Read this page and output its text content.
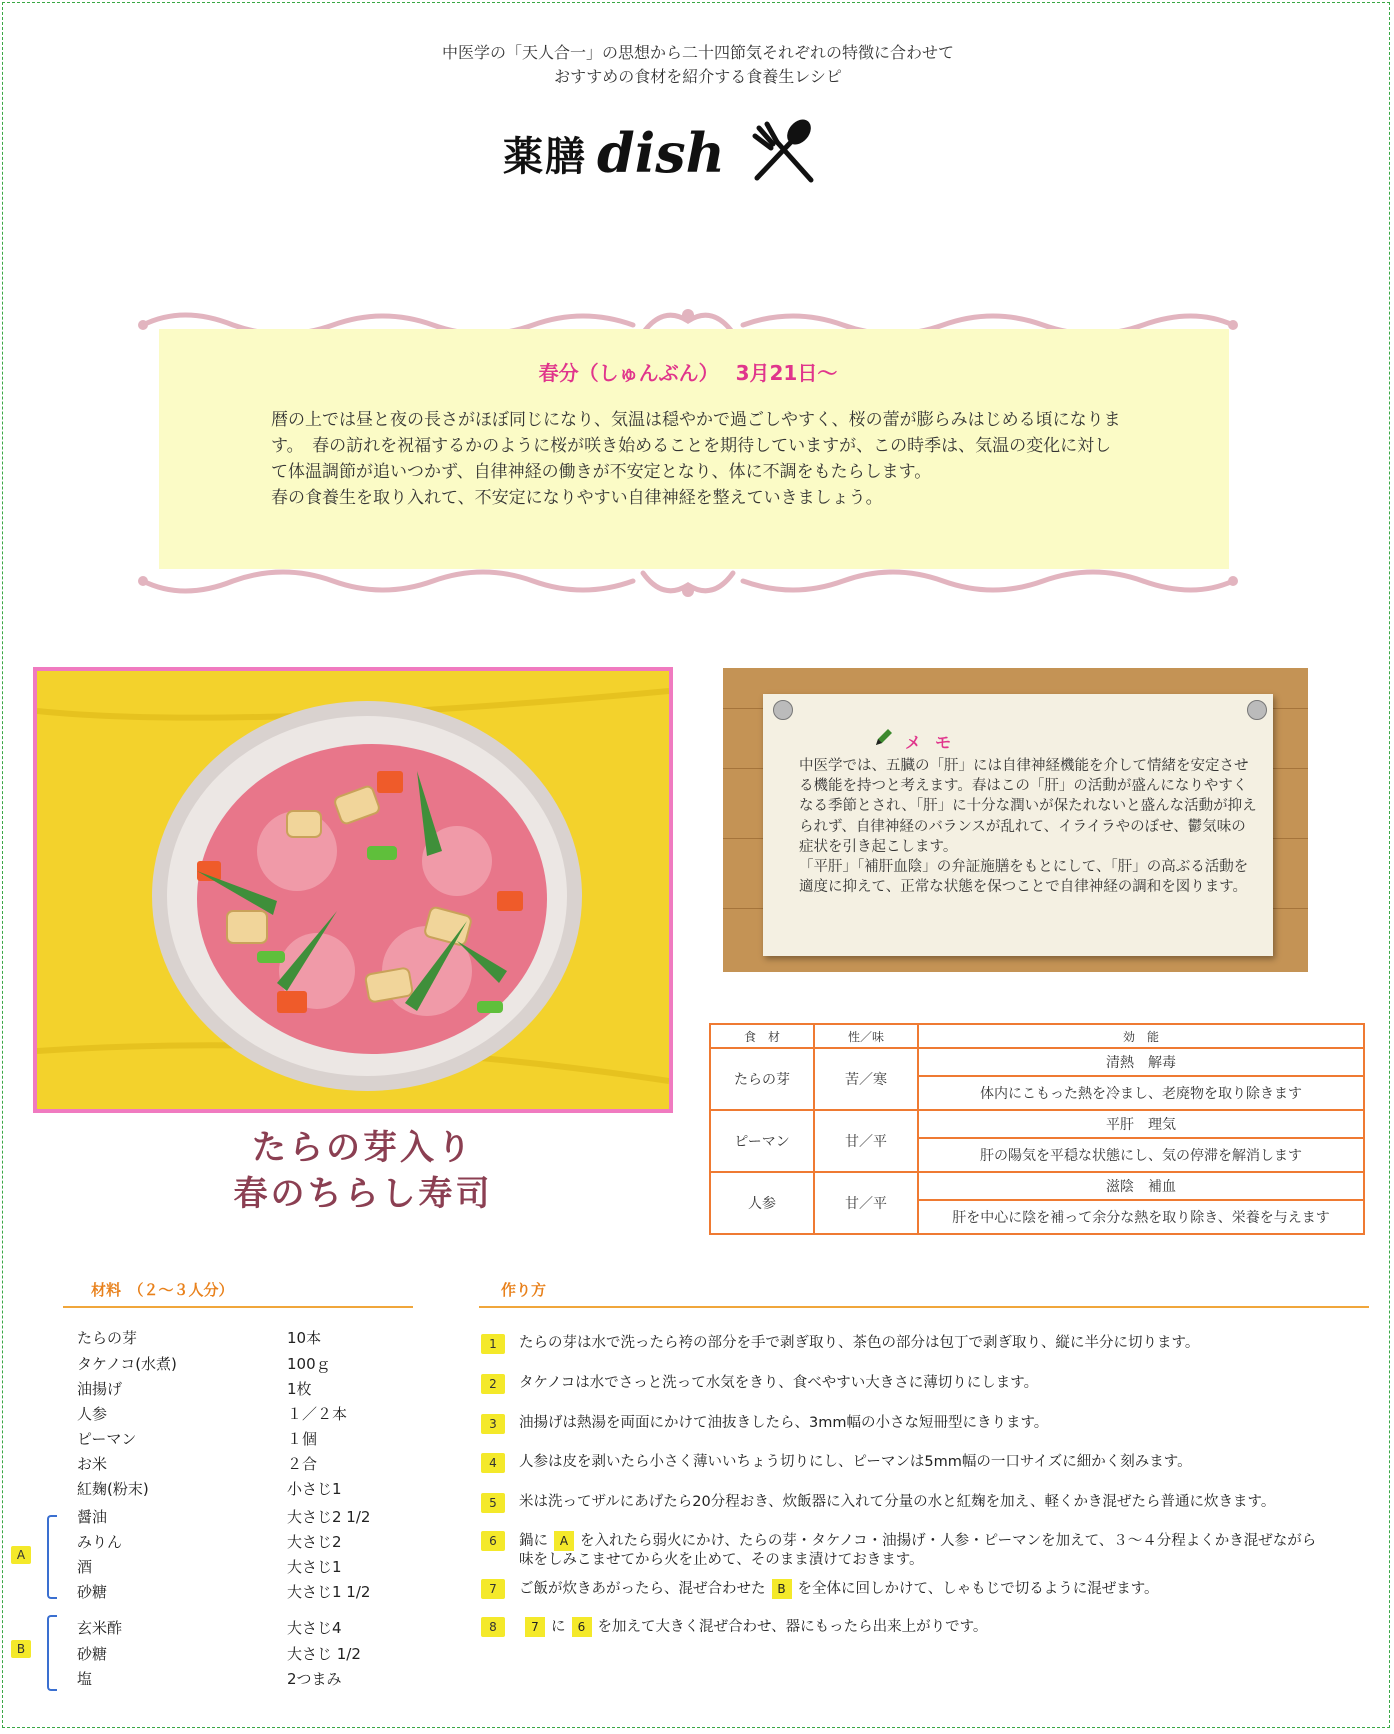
中医学の「天人合一」の思想から二十四節気それぞれの特徴に合わせて
おすすめの食材を紹介する食養生レシピ
薬膳 dish
春分（しゅんぶん）　 3月21日～
暦の上では昼と夜の長さがほぼ同じになり、気温は穏やかで過ごしやすく、桜の蕾が膨らみはじめる頃になります。　春の訪れを祝福するかのように桜が咲き始めることを期待していますが、この時季は、気温の変化に対して体温調節が追いつかず、自律神経の働きが不安定となり、体に不調をもたらします。
春の食養生を取り入れて、不安定になりやすい自律神経を整えていきましょう。
たらの芽入り
春のちらし寿司
メモ
中医学では、五臓の「肝」には自律神経機能を介して情緒を安定させる機能を持つと考えます。春はこの「肝」の活動が盛んになりやすくなる季節とされ、「肝」に十分な潤いが保たれないと盛んな活動が抑えられず、自律神経のバランスが乱れて、イライラやのぼせ、鬱気味の症状を引き起こします。
「平肝」「補肝血陰」の弁証施膳をもとにして、「肝」の高ぶる活動を適度に抑えて、正常な状態を保つことで自律神経の調和を図ります。
食　材	性／味	効　能
たらの芽	苦／寒	清熱　解毒
		体内にこもった熱を冷まし、老廃物を取り除きます
ピーマン	甘／平	平肝　理気
		肝の陽気を平穏な状態にし、気の停滞を解消します
人参	甘／平	滋陰　補血
		肝を中心に陰を補って余分な熱を取り除き、栄養を与えます
材料　（２～３人分）
たらの芽	10本
タケノコ(水煮)	100ｇ
油揚げ	1枚
人参	１／２本
ピーマン	１個
お米	２合
紅麹(粉末)	小さじ1
A
醤油	大さじ2 1/2
みりん	大さじ2
酒	大さじ1
砂糖	大さじ1 1/2
B
玄米酢	大さじ4
砂糖	大さじ 1/2
塩	2つまみ
作り方
1	たらの芽は水で洗ったら袴の部分を手で剥ぎ取り、茶色の部分は包丁で剥ぎ取り、縦に半分に切ります。
2	タケノコは水でさっと洗って水気をきり、食べやすい大きさに薄切りにします。
3	油揚げは熱湯を両面にかけて油抜きしたら、3mm幅の小さな短冊型にきります。
4	人参は皮を剥いたら小さく薄いいちょう切りにし、ピーマンは5mm幅の一口サイズに細かく刻みます。
5	米は洗ってザルにあげたら20分程おき、炊飯器に入れて分量の水と紅麹を加え、軽くかき混ぜたら普通に炊きます。
6	鍋に A を入れたら弱火にかけ、たらの芽・タケノコ・油揚げ・人参・ピーマンを加えて、３～４分程よくかき混ぜながら
味をしみこませてから火を止めて、そのまま漬けておきます。
7	ご飯が炊きあがったら、混ぜ合わせた B を全体に回しかけて、しゃもじで切るように混ぜます。
8	7 に 6 を加えて大きく混ぜ合わせ、器にもったら出来上がりです。
